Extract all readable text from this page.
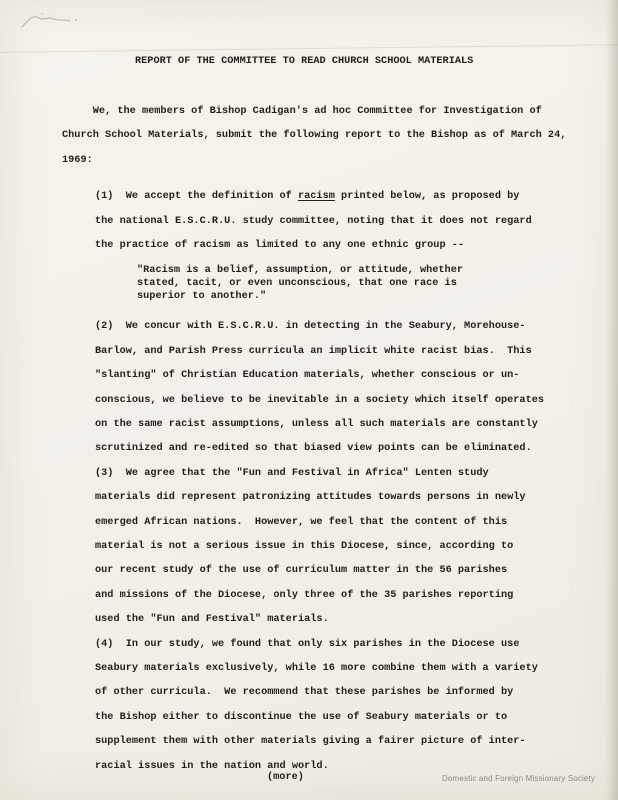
REPORT OF THE COMMITTEE TO READ CHURCH SCHOOL MATERIALS
We, the members of Bishop Cadigan's ad hoc Committee for Investigation of
Church School Materials, submit the following report to the Bishop as of March 24,
1969:
(1)  We accept the definition of racism printed below, as proposed by
the national E.S.C.R.U. study committee, noting that it does not regard
the practice of racism as limited to any one ethnic group --
"Racism is a belief, assumption, or attitude, whether
stated, tacit, or even unconscious, that one race is
superior to another."
(2)  We concur with E.S.C.R.U. in detecting in the Seabury, Morehouse-
Barlow, and Parish Press curricula an implicit white racist bias.  This
"slanting" of Christian Education materials, whether conscious or un-
conscious, we believe to be inevitable in a society which itself operates
on the same racist assumptions, unless all such materials are constantly
scrutinized and re-edited so that biased view points can be eliminated.
(3)  We agree that the "Fun and Festival in Africa" Lenten study
materials did represent patronizing attitudes towards persons in newly
emerged African nations.  However, we feel that the content of this
material is not a serious issue in this Diocese, since, according to
our recent study of the use of curriculum matter in the 56 parishes
and missions of the Diocese, only three of the 35 parishes reporting
used the "Fun and Festival" materials.
(4)  In our study, we found that only six parishes in the Diocese use
Seabury materials exclusively, while 16 more combine them with a variety
of other curricula.  We recommend that these parishes be informed by
the Bishop either to discontinue the use of Seabury materials or to
supplement them with other materials giving a fairer picture of inter-
racial issues in the nation and world.
(more)	Domestic and Foreign Missionary Society
